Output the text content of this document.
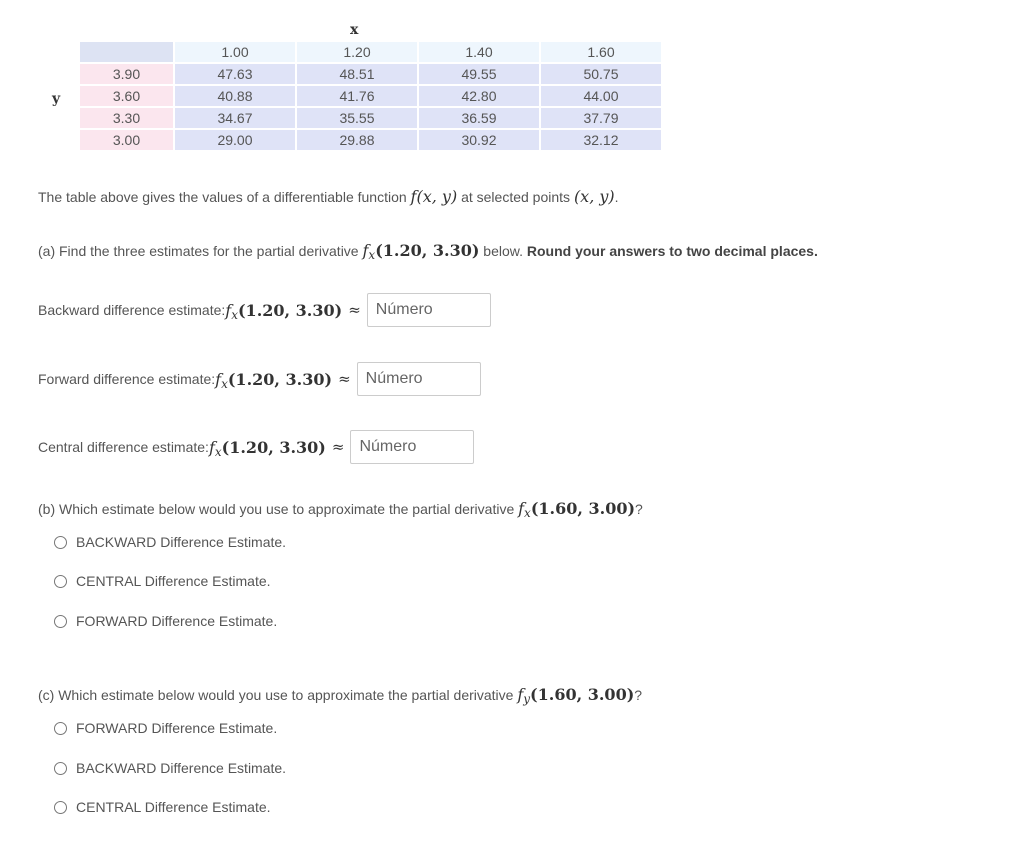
x
y
	1.00	1.20	1.40	1.60
3.90	47.63	48.51	49.55	50.75
3.60	40.88	41.76	42.80	44.00
3.30	34.67	35.55	36.59	37.79
3.00	29.00	29.88	30.92	32.12

The table above gives the values of a differentiable function f(x, y) at selected points (x, y).

(a) Find the three estimates for the partial derivative fx(1.20, 3.30) below. Round your answers to two decimal places.

Backward difference estimate: fx(1.20, 3.30) ≈
Número
Forward difference estimate: fx(1.20, 3.30) ≈
Número
Central difference estimate: fx(1.20, 3.30) ≈
Número

(b) Which estimate below would you use to approximate the partial derivative fx(1.60, 3.00)?

BACKWARD Difference Estimate.
CENTRAL Difference Estimate.
FORWARD Difference Estimate.

(c) Which estimate below would you use to approximate the partial derivative fy(1.60, 3.00)?

FORWARD Difference Estimate.
BACKWARD Difference Estimate.
CENTRAL Difference Estimate.
